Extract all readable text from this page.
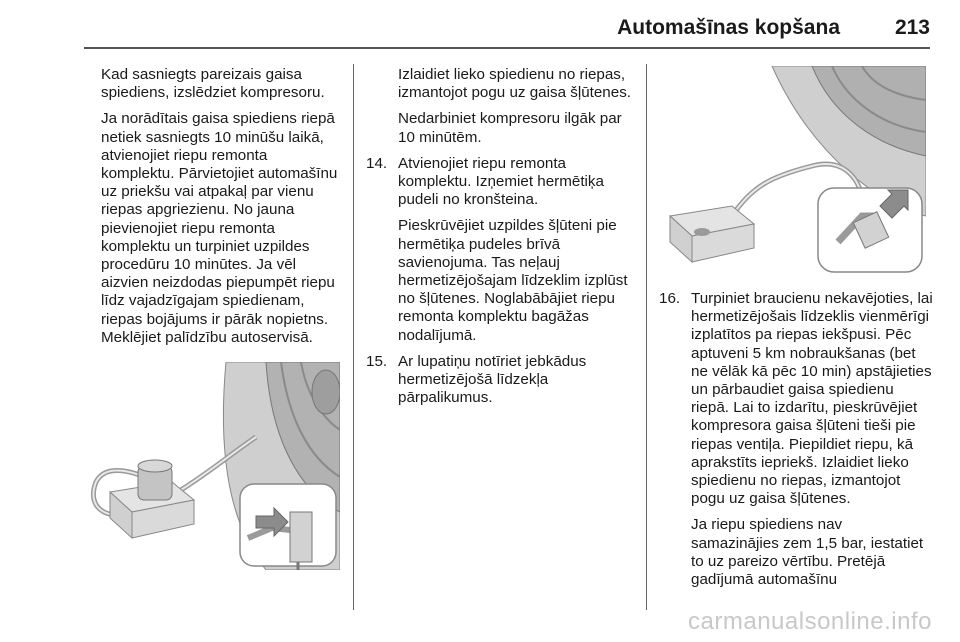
Automašīnas kopšana	213

Kad sasniegts pareizais gaisa spiediens, izslēdziet kompresoru.

Ja norādītais gaisa spiediens riepā netiek sasniegts 10 minūšu laikā, atvienojiet riepu remonta komplektu. Pārvietojiet automašīnu uz priekšu vai atpakaļ par vienu riepas apgriezienu. No jauna pievienojiet riepu remonta komplektu un turpiniet uzpildes procedūru 10 minūtes. Ja vēl aizvien neizdodas piepumpēt riepu līdz vajadzīgajam spiedienam, riepas bojājums ir pārāk nopietns. Meklējiet palīdzību autoservisā.

Izlaidiet lieko spiedienu no riepas, izmantojot pogu uz gaisa šļūtenes.

Nedarbiniet kompresoru ilgāk par 10 minūtēm.

14. Atvienojiet riepu remonta komplektu. Izņemiet hermētiķa pudeli no kronšteina.

Pieskrūvējiet uzpildes šļūteni pie hermētiķa pudeles brīvā savienojuma. Tas neļauj hermetizējošajam līdzeklim izplūst no šļūtenes. Noglabābājiet riepu remonta komplektu bagāžas nodalījumā.

15. Ar lupatiņu notīriet jebkādus hermetizējošā līdzekļa pārpalikumus.

16. Turpiniet braucienu nekavējoties, lai hermetizējošais līdzeklis vienmērīgi izplatītos pa riepas iekšpusi. Pēc aptuveni 5 km nobraukšanas (bet ne vēlāk kā pēc 10 min) apstājieties un pārbaudiet gaisa spiedienu riepā. Lai to izdarītu, pieskrūvējiet kompresora gaisa šļūteni tieši pie riepas ventiļa. Piepildiet riepu, kā aprakstīts iepriekš. Izlaidiet lieko spiedienu no riepas, izmantojot pogu uz gaisa šļūtenes.

Ja riepu spiediens nav samazinājies zem 1,5 bar, iestatiet to uz pareizo vērtību. Pretējā gadījumā automašīnu

carmanualsonline.info
